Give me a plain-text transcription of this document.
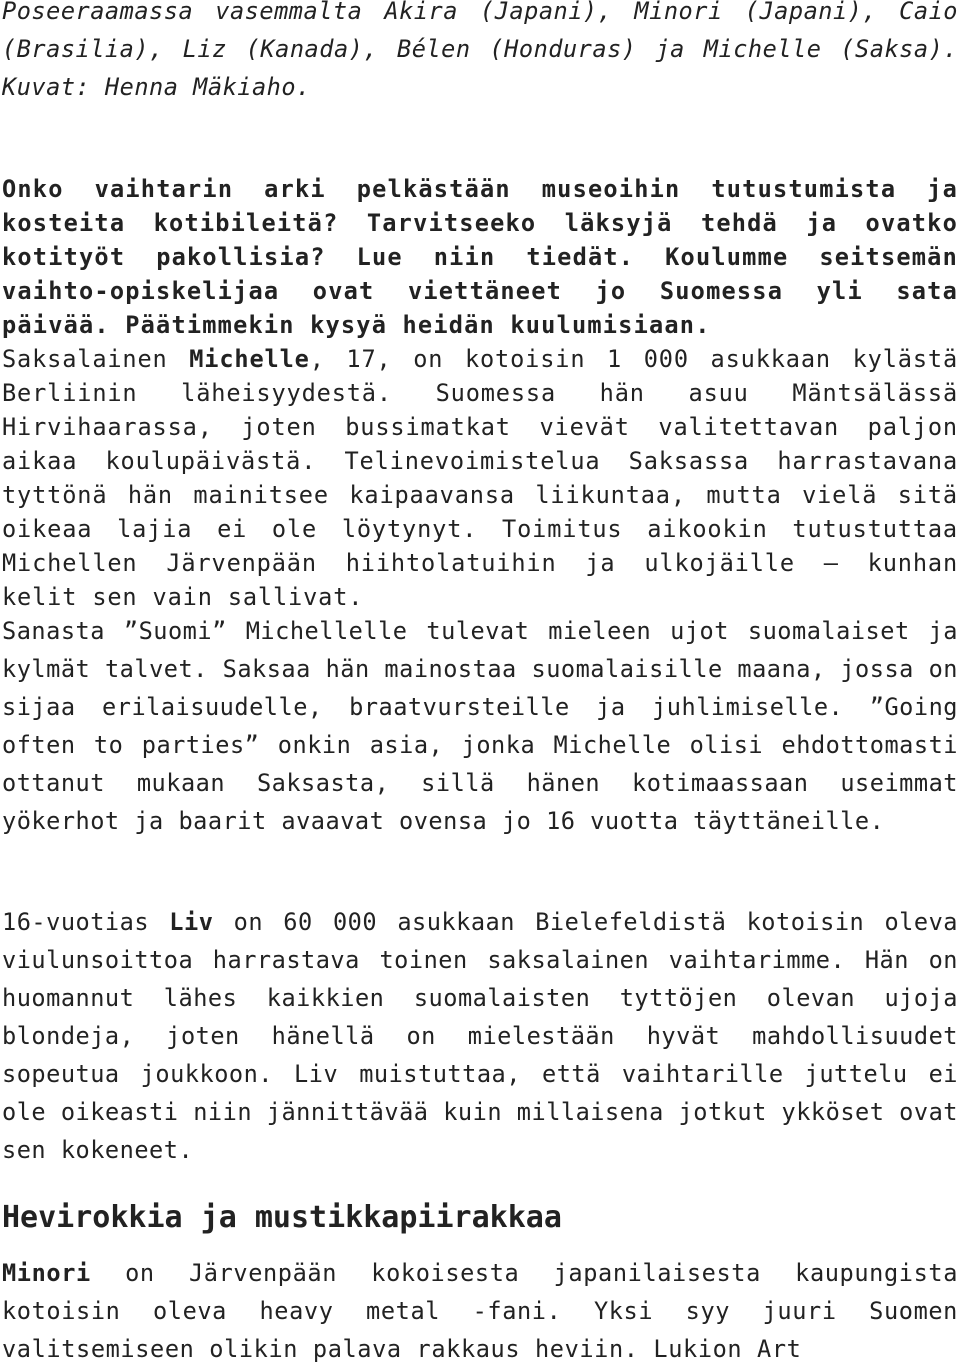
Poseeraamassa vasemmalta Akira (Japani), Minori (Japani), Caio (Brasilia), Liz (Kanada), Bélen (Honduras) ja Michelle (Saksa). Kuvat: Henna Mäkiaho.

Onko vaihtarin arki pelkästään museoihin tutustumista ja kosteita kotibileitä? Tarvitseeko läksyjä tehdä ja ovatko kotityöt pakollisia? Lue niin tiedät. Koulumme seitsemän vaihto-opiskelijaa ovat viettäneet jo Suomessa yli sata päivää. Päätimmekin kysyä heidän kuulumisiaan.

Saksalainen Michelle, 17, on kotoisin 1 000 asukkaan kylästä Berliinin läheisyydestä. Suomessa hän asuu Mäntsälässä Hirvihaarassa, joten bussimatkat vievät valitettavan paljon aikaa koulupäivästä. Telinevoimistelua Saksassa harrastavana tyttönä hän mainitsee kaipaavansa liikuntaa, mutta vielä sitä oikeaa lajia ei ole löytynyt. Toimitus aikookin tutustuttaa Michellen Järvenpään hiihtolatuihin ja ulkojäille – kunhan kelit sen vain sallivat.

Sanasta ”Suomi” Michellelle tulevat mieleen ujot suomalaiset ja kylmät talvet. Saksaa hän mainostaa suomalaisille maana, jossa on sijaa erilaisuudelle, braatvursteille ja juhlimiselle. ”Going often to parties” onkin asia, jonka Michelle olisi ehdottomasti ottanut mukaan Saksasta, sillä hänen kotimaassaan useimmat yökerhot ja baarit avaavat ovensa jo 16 vuotta täyttäneille.

16-vuotias Liv on 60 000 asukkaan Bielefeldistä kotoisin oleva viulunsoittoa harrastava toinen saksalainen vaihtarimme. Hän on huomannut lähes kaikkien suomalaisten tyttöjen olevan ujoja blondeja, joten hänellä on mielestään hyvät mahdollisuudet sopeutua joukkoon. Liv muistuttaa, että vaihtarille juttelu ei ole oikeasti niin jännittävää kuin millaisena jotkut ykköset ovat sen kokeneet.

Hevirokkia ja mustikkapiirakkaa

Minori on Järvenpään kokoisesta japanilaisesta kaupungista kotoisin oleva heavy metal -fani. Yksi syy juuri Suomen valitsemiseen olikin palava rakkaus heviin. Lukion Art
